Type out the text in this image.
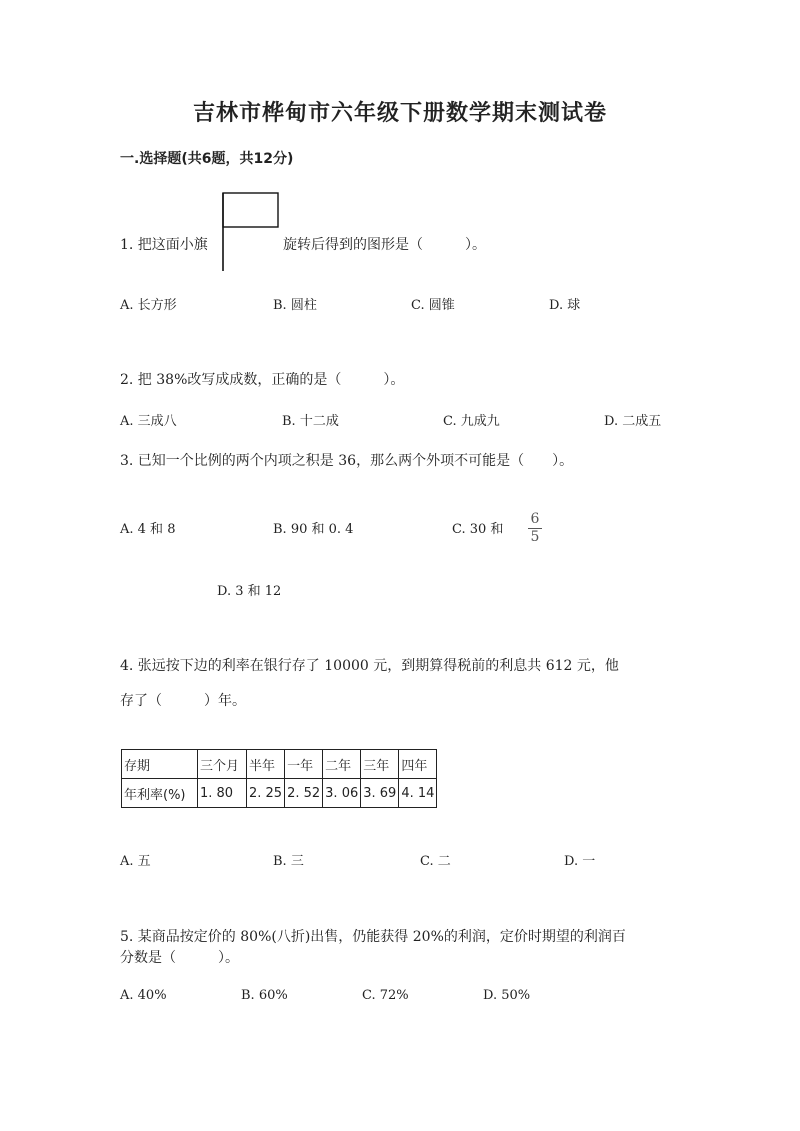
吉林市桦甸市六年级下册数学期末测试卷
一.选择题(共6题，共12分)
1. 把这面小旗	旋转后得到的图形是（　　　）。
A. 长方形	B. 圆柱	C. 圆锥	D. 球
2. 把 38%改写成成数，正确的是（　　　）。
A. 三成八	B. 十二成	C. 九成九	D. 二成五
3. 已知一个比例的两个内项之积是 36，那么两个外项不可能是（　　）。
A. 4 和 8	B. 90 和 0. 4	C. 30 和
6
5
D. 3 和 12
4. 张远按下边的利率在银行存了 10000 元，到期算得税前的利息共 612 元，他
存了（　　　）年。
存期	三个月	半年	一年	二年	三年	四年
年利率(%)	1. 80	2. 25	2. 52	3. 06	3. 69	4. 14
A. 五	B. 三	C. 二	D. 一
5. 某商品按定价的 80%(八折)出售，仍能获得 20%的利润，定价时期望的利润百
分数是（　　　）。
A. 40%	B. 60%	C. 72%	D. 50%
